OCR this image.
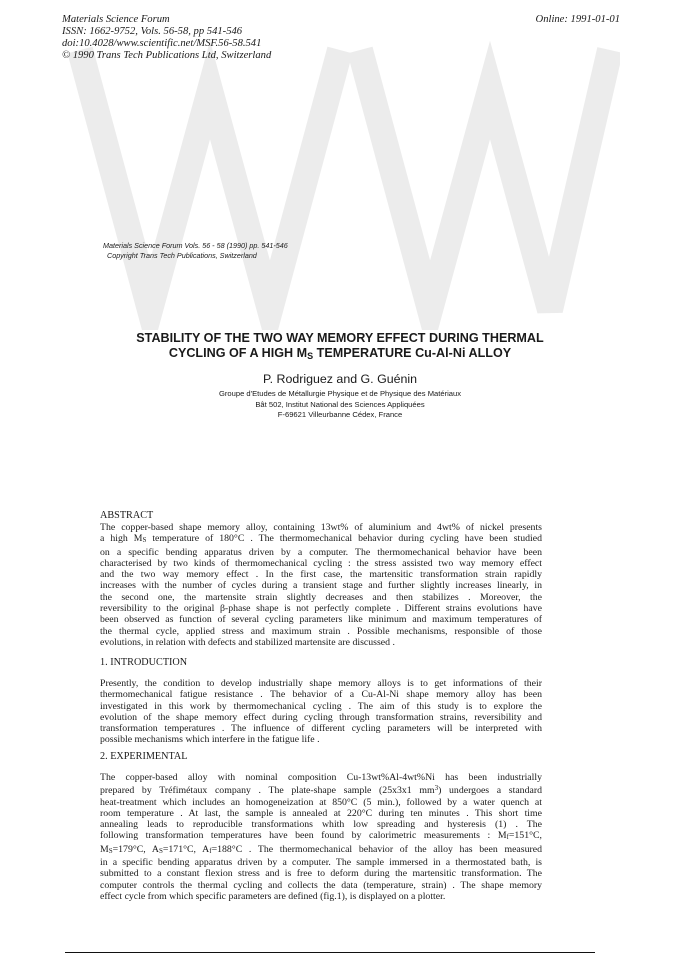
Materials Science Forum
ISSN: 1662-9752, Vols. 56-58, pp 541-546
doi:10.4028/www.scientific.net/MSF.56-58.541
© 1990 Trans Tech Publications Ltd, Switzerland
Online: 1991-01-01
Materials Science Forum Vols. 56 - 58 (1990) pp. 541-546
Copyright Trans Tech Publications, Switzerland
STABILITY OF THE TWO WAY MEMORY EFFECT DURING THERMAL
CYCLING OF A HIGH $M_S$ TEMPERATURE Cu-Al-Ni ALLOY
P. Rodriguez and G. Guénin
Groupe d'Etudes de Métallurgie Physique et de Physique des Matériaux
Bât 502, Institut National des Sciences Appliquées
F-69621 Villeurbanne Cédex, France
ABSTRACT

The copper-based shape memory alloy, containing 13wt% of aluminium and 4wt% of nickel presents
a high $M_S$ temperature of 180°C . The thermomechanical behavior during cycling have been studied
on a specific bending apparatus driven by a computer. The thermomechanical behavior have been
characterised by two kinds of thermomechanical cycling : the stress assisted two way memory effect
and the two way memory effect . In the first case, the martensitic transformation strain rapidly
increases with the number of cycles during a transient stage and further slightly increases linearly, in
the second one, the martensite strain slightly decreases and then stabilizes . Moreover, the
reversibility to the original β-phase shape is not perfectly complete . Different strains evolutions have
been observed as function of several cycling parameters like minimum and maximum temperatures of
the thermal cycle, applied stress and maximum strain . Possible mechanisms, responsible of those
evolutions, in relation with defects and stabilized martensite are discussed .

1. INTRODUCTION

Presently, the condition to develop industrially shape memory alloys is to get informations of their
thermomechanical fatigue resistance . The behavior of a Cu-Al-Ni shape memory alloy has been
investigated in this work by thermomechanical cycling . The aim of this study is to explore the
evolution of the shape memory effect during cycling through transformation strains, reversibility and
transformation temperatures . The influence of different cycling parameters will be interpreted with
possible mechanisms which interfere in the fatigue life .

2. EXPERIMENTAL

The copper-based alloy with nominal composition Cu-13wt%Al-4wt%Ni has been industrially
prepared by Tréfimétaux company . The plate-shape sample (25x3x1 $mm^3$) undergoes a standard
heat-treatment which includes an homogeneization at 850°C (5 min.), followed by a water quench at
room temperature . At last, the sample is annealed at 220°C during ten minutes . This short time
annealing leads to reproducible transformations whith low spreading and hysteresis (1) . The
following transformation temperatures have been found by calorimetric measurements : $M_f=151^\circ C$,
$M_S=179^\circ C$, $A_S=171^\circ C$, $A_f=188^\circ C$ . The thermomechanical behavior of the alloy has been measured
in a specific bending apparatus driven by a computer. The sample immersed in a thermostated bath, is
submitted to a constant flexion stress and is free to deform during the martensitic transformation. The
computer controls the thermal cycling and collects the data (temperature, strain) . The shape memory
effect cycle from which specific parameters are defined (fig.1), is displayed on a plotter.
